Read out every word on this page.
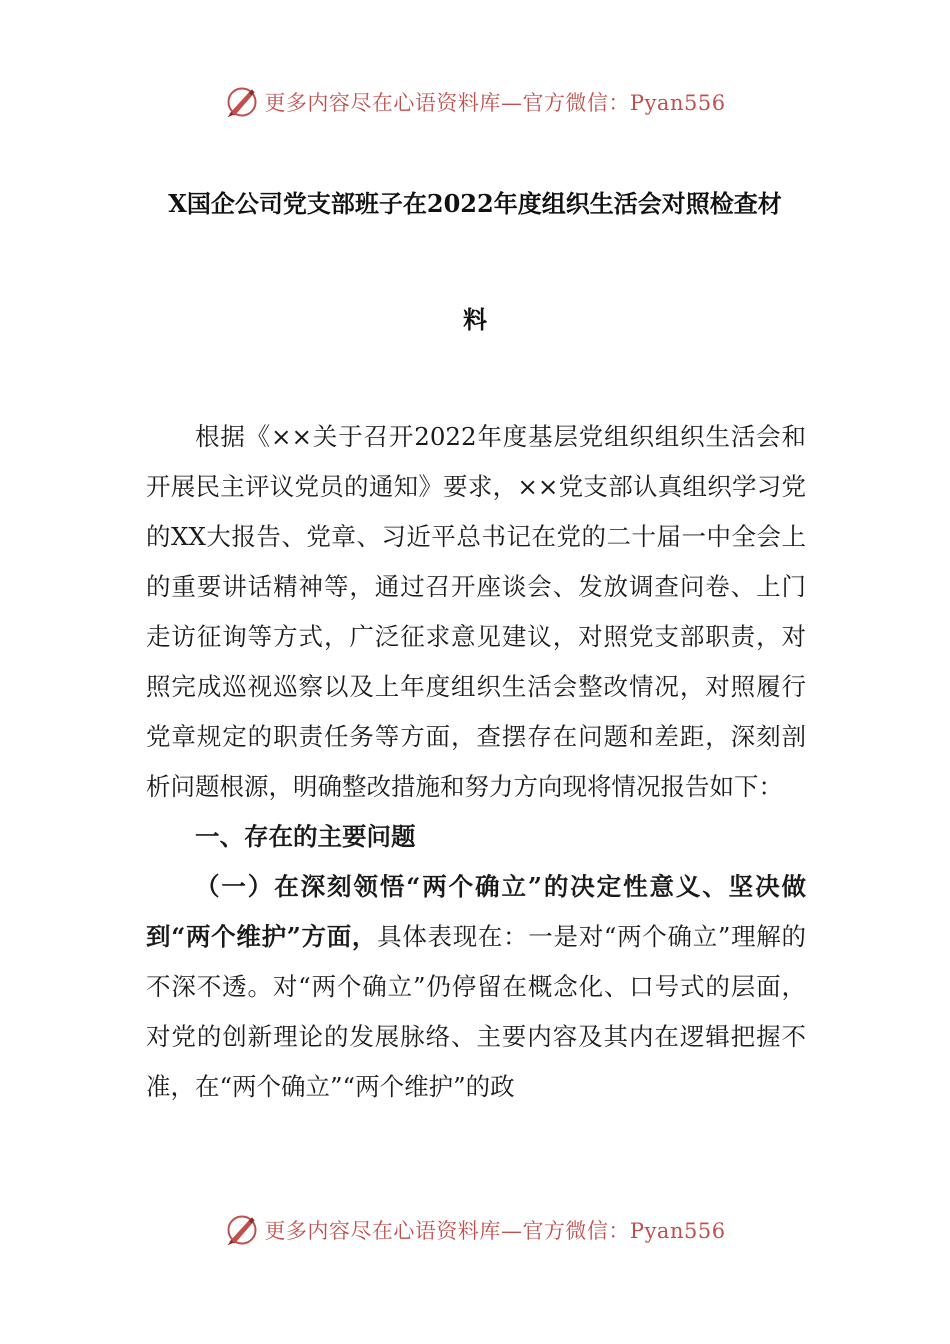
更多内容尽在心语资料库—官方微信：Pyan556
X国企公司党支部班子在2022年度组织生活会对照检查材
料

根据《××关于召开2022年度基层党组织组织生活会和开展民主评议党员的通知》要求，××党支部认真组织学习党的XX大报告、党章、习近平总书记在党的二十届一中全会上的重要讲话精神等，通过召开座谈会、发放调查问卷、上门走访征询等方式，广泛征求意见建议，对照党支部职责，对照完成巡视巡察以及上年度组织生活会整改情况，对照履行党章规定的职责任务等方面，查摆存在问题和差距，深刻剖析问题根源，明确整改措施和努力方向现将情况报告如下：

一、存在的主要问题

（一）在深刻领悟“两个确立”的决定性意义、坚决做到“两个维护”方面，具体表现在：一是对“两个确立”理解的不深不透。对“两个确立”仍停留在概念化、口号式的层面，对党的创新理论的发展脉络、主要内容及其内在逻辑把握不准，在“两个确立”“两个维护”的政

更多内容尽在心语资料库—官方微信：Pyan556
